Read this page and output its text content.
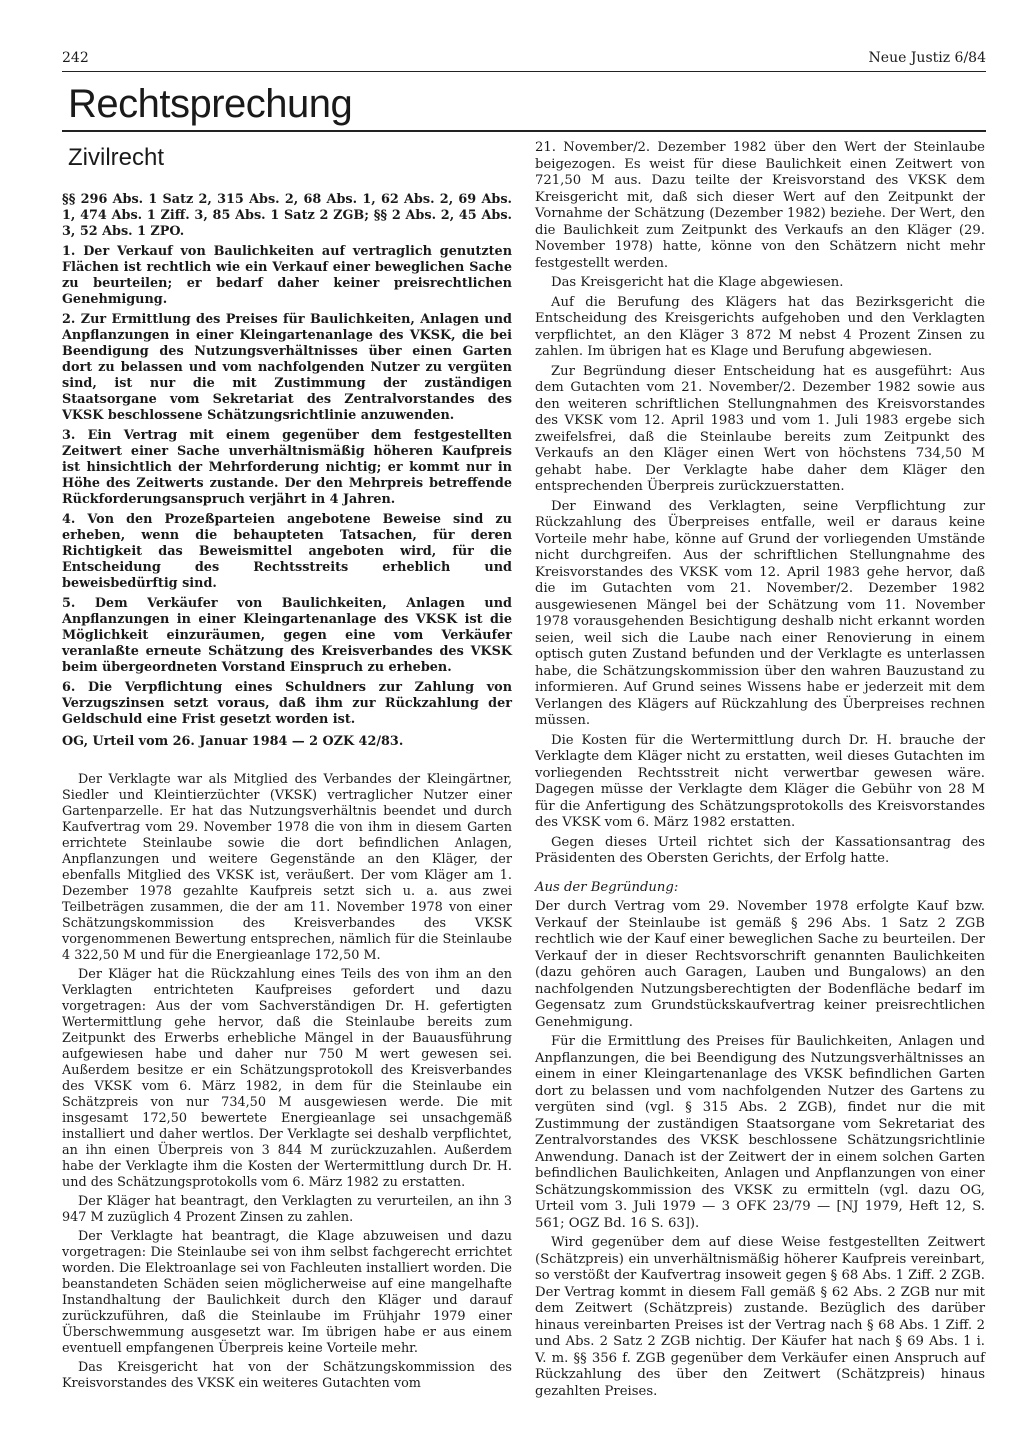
242	Neue Justiz 6/84
Rechtsprechung
Zivilrecht

§§ 296 Abs. 1 Satz 2, 315 Abs. 2, 68 Abs. 1, 62 Abs. 2, 69 Abs. 1, 474 Abs. 1 Ziff. 3, 85 Abs. 1 Satz 2 ZGB; §§ 2 Abs. 2, 45 Abs. 3, 52 Abs. 1 ZPO.

1. Der Verkauf von Baulichkeiten auf vertraglich genutzten Flächen ist rechtlich wie ein Verkauf einer beweglichen Sache zu beurteilen; er bedarf daher keiner preisrechtlichen Genehmigung.

2. Zur Ermittlung des Preises für Baulichkeiten, Anlagen und Anpflanzungen in einer Kleingartenanlage des VKSK, die bei Beendigung des Nutzungsverhältnisses über einen Garten dort zu belassen und vom nachfolgenden Nutzer zu vergüten sind, ist nur die mit Zustimmung der zuständigen Staatsorgane vom Sekretariat des Zentralvorstandes des VKSK beschlossene Schätzungsrichtlinie anzuwenden.

3. Ein Vertrag mit einem gegenüber dem festgestellten Zeitwert einer Sache unverhältnismäßig höheren Kaufpreis ist hinsichtlich der Mehrforderung nichtig; er kommt nur in Höhe des Zeitwerts zustande. Der den Mehrpreis betreffende Rückforderungsanspruch verjährt in 4 Jahren.

4. Von den Prozeßparteien angebotene Beweise sind zu erheben, wenn die behaupteten Tatsachen, für deren Richtigkeit das Beweismittel angeboten wird, für die Entscheidung des Rechtsstreits erheblich und beweisbedürftig sind.

5. Dem Verkäufer von Baulichkeiten, Anlagen und Anpflanzungen in einer Kleingartenanlage des VKSK ist die Möglichkeit einzuräumen, gegen eine vom Verkäufer veranlaßte erneute Schätzung des Kreisverbandes des VKSK beim übergeordneten Vorstand Einspruch zu erheben.

6. Die Verpflichtung eines Schuldners zur Zahlung von Verzugszinsen setzt voraus, daß ihm zur Rückzahlung der Geldschuld eine Frist gesetzt worden ist.

OG, Urteil vom 26. Januar 1984 — 2 OZK 42/83.

Der Verklagte war als Mitglied des Verbandes der Kleingärtner, Siedler und Kleintierzüchter (VKSK) vertraglicher Nutzer einer Gartenparzelle. Er hat das Nutzungsverhältnis beendet und durch Kaufvertrag vom 29. November 1978 die von ihm in diesem Garten errichtete Steinlaube sowie die dort befindlichen Anlagen, Anpflanzungen und weitere Gegenstände an den Kläger, der ebenfalls Mitglied des VKSK ist, veräußert. Der vom Kläger am 1. Dezember 1978 gezahlte Kaufpreis setzt sich u. a. aus zwei Teilbeträgen zusammen, die der am 11. November 1978 von einer Schätzungskommission des Kreisverbandes des VKSK vorgenommenen Bewertung entsprechen, nämlich für die Steinlaube 4 322,50 M und für die Energieanlage 172,50 M.

Der Kläger hat die Rückzahlung eines Teils des von ihm an den Verklagten entrichteten Kaufpreises gefordert und dazu vorgetragen: Aus der vom Sachverständigen Dr. H. gefertigten Wertermittlung gehe hervor, daß die Steinlaube bereits zum Zeitpunkt des Erwerbs erhebliche Mängel in der Bauausführung aufgewiesen habe und daher nur 750 M wert gewesen sei. Außerdem besitze er ein Schätzungsprotokoll des Kreisverbandes des VKSK vom 6. März 1982, in dem für die Steinlaube ein Schätzpreis von nur 734,50 M ausgewiesen werde. Die mit insgesamt 172,50 bewertete Energieanlage sei unsachgemäß installiert und daher wertlos. Der Verklagte sei deshalb verpflichtet, an ihn einen Überpreis von 3 844 M zurückzuzahlen. Außerdem habe der Verklagte ihm die Kosten der Wertermittlung durch Dr. H. und des Schätzungsprotokolls vom 6. März 1982 zu erstatten.

Der Kläger hat beantragt, den Verklagten zu verurteilen, an ihn 3 947 M zuzüglich 4 Prozent Zinsen zu zahlen.

Der Verklagte hat beantragt, die Klage abzuweisen und dazu vorgetragen: Die Steinlaube sei von ihm selbst fachgerecht errichtet worden. Die Elektroanlage sei von Fachleuten installiert worden. Die beanstandeten Schäden seien möglicherweise auf eine mangelhafte Instandhaltung der Baulichkeit durch den Kläger und darauf zurückzuführen, daß die Steinlaube im Frühjahr 1979 einer Überschwemmung ausgesetzt war. Im übrigen habe er aus einem eventuell empfangenen Überpreis keine Vorteile mehr.

Das Kreisgericht hat von der Schätzungskommission des Kreisvorstandes des VKSK ein weiteres Gutachten vom

21. November/2. Dezember 1982 über den Wert der Steinlaube beigezogen. Es weist für diese Baulichkeit einen Zeitwert von 721,50 M aus. Dazu teilte der Kreisvorstand des VKSK dem Kreisgericht mit, daß sich dieser Wert auf den Zeitpunkt der Vornahme der Schätzung (Dezember 1982) beziehe. Der Wert, den die Baulichkeit zum Zeitpunkt des Verkaufs an den Kläger (29. November 1978) hatte, könne von den Schätzern nicht mehr festgestellt werden.

Das Kreisgericht hat die Klage abgewiesen.

Auf die Berufung des Klägers hat das Bezirksgericht die Entscheidung des Kreisgerichts aufgehoben und den Verklagten verpflichtet, an den Kläger 3 872 M nebst 4 Prozent Zinsen zu zahlen. Im übrigen hat es Klage und Berufung abgewiesen.

Zur Begründung dieser Entscheidung hat es ausgeführt: Aus dem Gutachten vom 21. November/2. Dezember 1982 sowie aus den weiteren schriftlichen Stellungnahmen des Kreisvorstandes des VKSK vom 12. April 1983 und vom 1. Juli 1983 ergebe sich zweifelsfrei, daß die Steinlaube bereits zum Zeitpunkt des Verkaufs an den Kläger einen Wert von höchstens 734,50 M gehabt habe. Der Verklagte habe daher dem Kläger den entsprechenden Überpreis zurückzuerstatten.

Der Einwand des Verklagten, seine Verpflichtung zur Rückzahlung des Überpreises entfalle, weil er daraus keine Vorteile mehr habe, könne auf Grund der vorliegenden Umstände nicht durchgreifen. Aus der schriftlichen Stellungnahme des Kreisvorstandes des VKSK vom 12. April 1983 gehe hervor, daß die im Gutachten vom 21. November/2. Dezember 1982 ausgewiesenen Mängel bei der Schätzung vom 11. November 1978 vorausgehenden Besichtigung deshalb nicht erkannt worden seien, weil sich die Laube nach einer Renovierung in einem optisch guten Zustand befunden und der Verklagte es unterlassen habe, die Schätzungskommission über den wahren Bauzustand zu informieren. Auf Grund seines Wissens habe er jederzeit mit dem Verlangen des Klägers auf Rückzahlung des Überpreises rechnen müssen.

Die Kosten für die Wertermittlung durch Dr. H. brauche der Verklagte dem Kläger nicht zu erstatten, weil dieses Gutachten im vorliegenden Rechtsstreit nicht verwertbar gewesen wäre. Dagegen müsse der Verklagte dem Kläger die Gebühr von 28 M für die Anfertigung des Schätzungsprotokolls des Kreisvorstandes des VKSK vom 6. März 1982 erstatten.

Gegen dieses Urteil richtet sich der Kassationsantrag des Präsidenten des Obersten Gerichts, der Erfolg hatte.

Aus der Begründung:

Der durch Vertrag vom 29. November 1978 erfolgte Kauf bzw. Verkauf der Steinlaube ist gemäß § 296 Abs. 1 Satz 2 ZGB rechtlich wie der Kauf einer beweglichen Sache zu beurteilen. Der Verkauf der in dieser Rechtsvorschrift genannten Baulichkeiten (dazu gehören auch Garagen, Lauben und Bungalows) an den nachfolgenden Nutzungsberechtigten der Bodenfläche bedarf im Gegensatz zum Grundstückskaufvertrag keiner preisrechtlichen Genehmigung.

Für die Ermittlung des Preises für Baulichkeiten, Anlagen und Anpflanzungen, die bei Beendigung des Nutzungsverhältnisses an einem in einer Kleingartenanlage des VKSK befindlichen Garten dort zu belassen und vom nachfolgenden Nutzer des Gartens zu vergüten sind (vgl. § 315 Abs. 2 ZGB), findet nur die mit Zustimmung der zuständigen Staatsorgane vom Sekretariat des Zentralvorstandes des VKSK beschlossene Schätzungsrichtlinie Anwendung. Danach ist der Zeitwert der in einem solchen Garten befindlichen Baulichkeiten, Anlagen und Anpflanzungen von einer Schätzungskommission des VKSK zu ermitteln (vgl. dazu OG, Urteil vom 3. Juli 1979 — 3 OFK 23/79 — [NJ 1979, Heft 12, S. 561; OGZ Bd. 16 S. 63]).

Wird gegenüber dem auf diese Weise festgestellten Zeitwert (Schätzpreis) ein unverhältnismäßig höherer Kaufpreis vereinbart, so verstößt der Kaufvertrag insoweit gegen § 68 Abs. 1 Ziff. 2 ZGB. Der Vertrag kommt in diesem Fall gemäß § 62 Abs. 2 ZGB nur mit dem Zeitwert (Schätzpreis) zustande. Bezüglich des darüber hinaus vereinbarten Preises ist der Vertrag nach § 68 Abs. 1 Ziff. 2 und Abs. 2 Satz 2 ZGB nichtig. Der Käufer hat nach § 69 Abs. 1 i. V. m. §§ 356 f. ZGB gegenüber dem Verkäufer einen Anspruch auf Rückzahlung des über den Zeitwert (Schätzpreis) hinaus gezahlten Preises.
